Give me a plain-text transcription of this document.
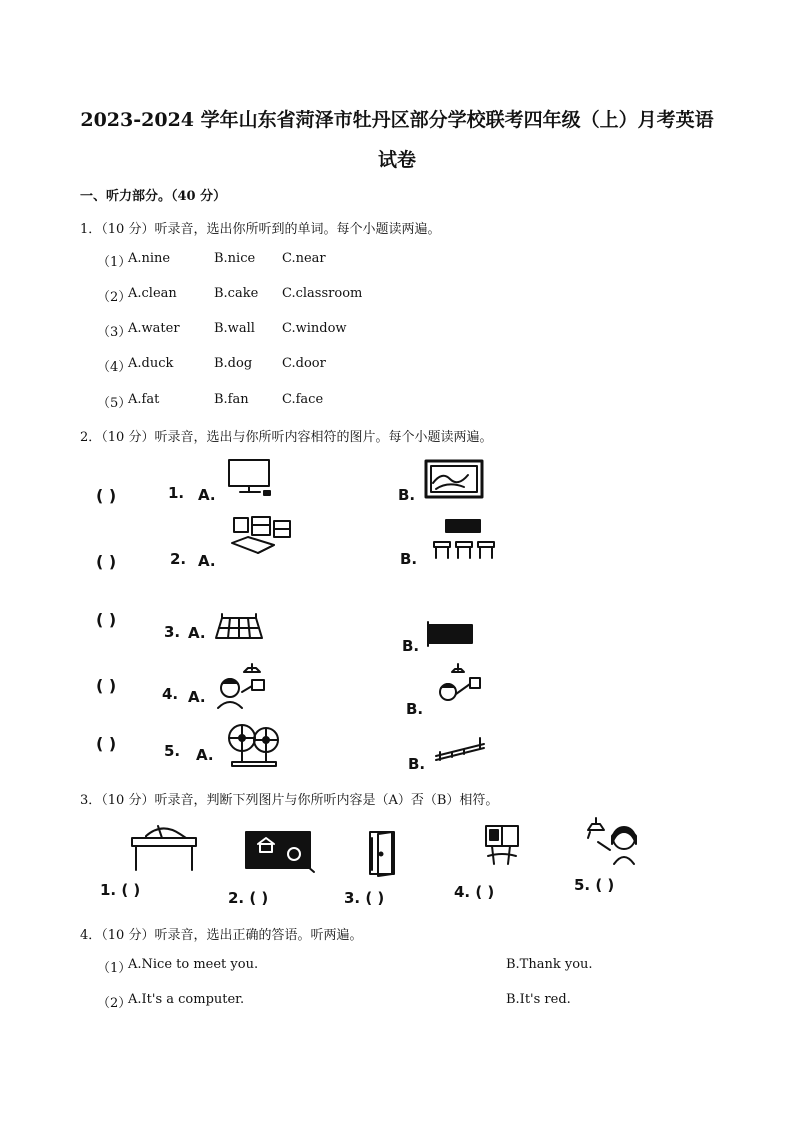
2023-2024 学年山东省菏泽市牡丹区部分学校联考四年级（上）月考英语
试卷
一、听力部分。（40 分）
1．（10 分）听录音，选出你所听到的单词。每个小题读两遍。
（1）
A.nine	B.nice C.near
（2）
A.clean	B.cake C.classroom
（3）
A.water	B.wall C.window
（4）
A.duck	B.dog C.door
（5）
A.fat	B.fan	C.face
2．（10 分）听录音，选出与你所听内容相符的图片。每个小题读两遍。
( )	1. A.	B.
( )	2. A.	B.
( )
3. A.
B.
( )	4. A.
B.
( )	5. A.	B.
3．（10 分）听录音，判断下列图片与你所听内容是（A）否（B）相符。
1. ( )	2. ( )	3. ( )	4. ( )	5. ( )
4．（10 分）听录音，选出正确的答语。听两遍。
（1）
A.Nice to meet you.	B.Thank you.
（2）
A.It's a computer.	B.It's red.
